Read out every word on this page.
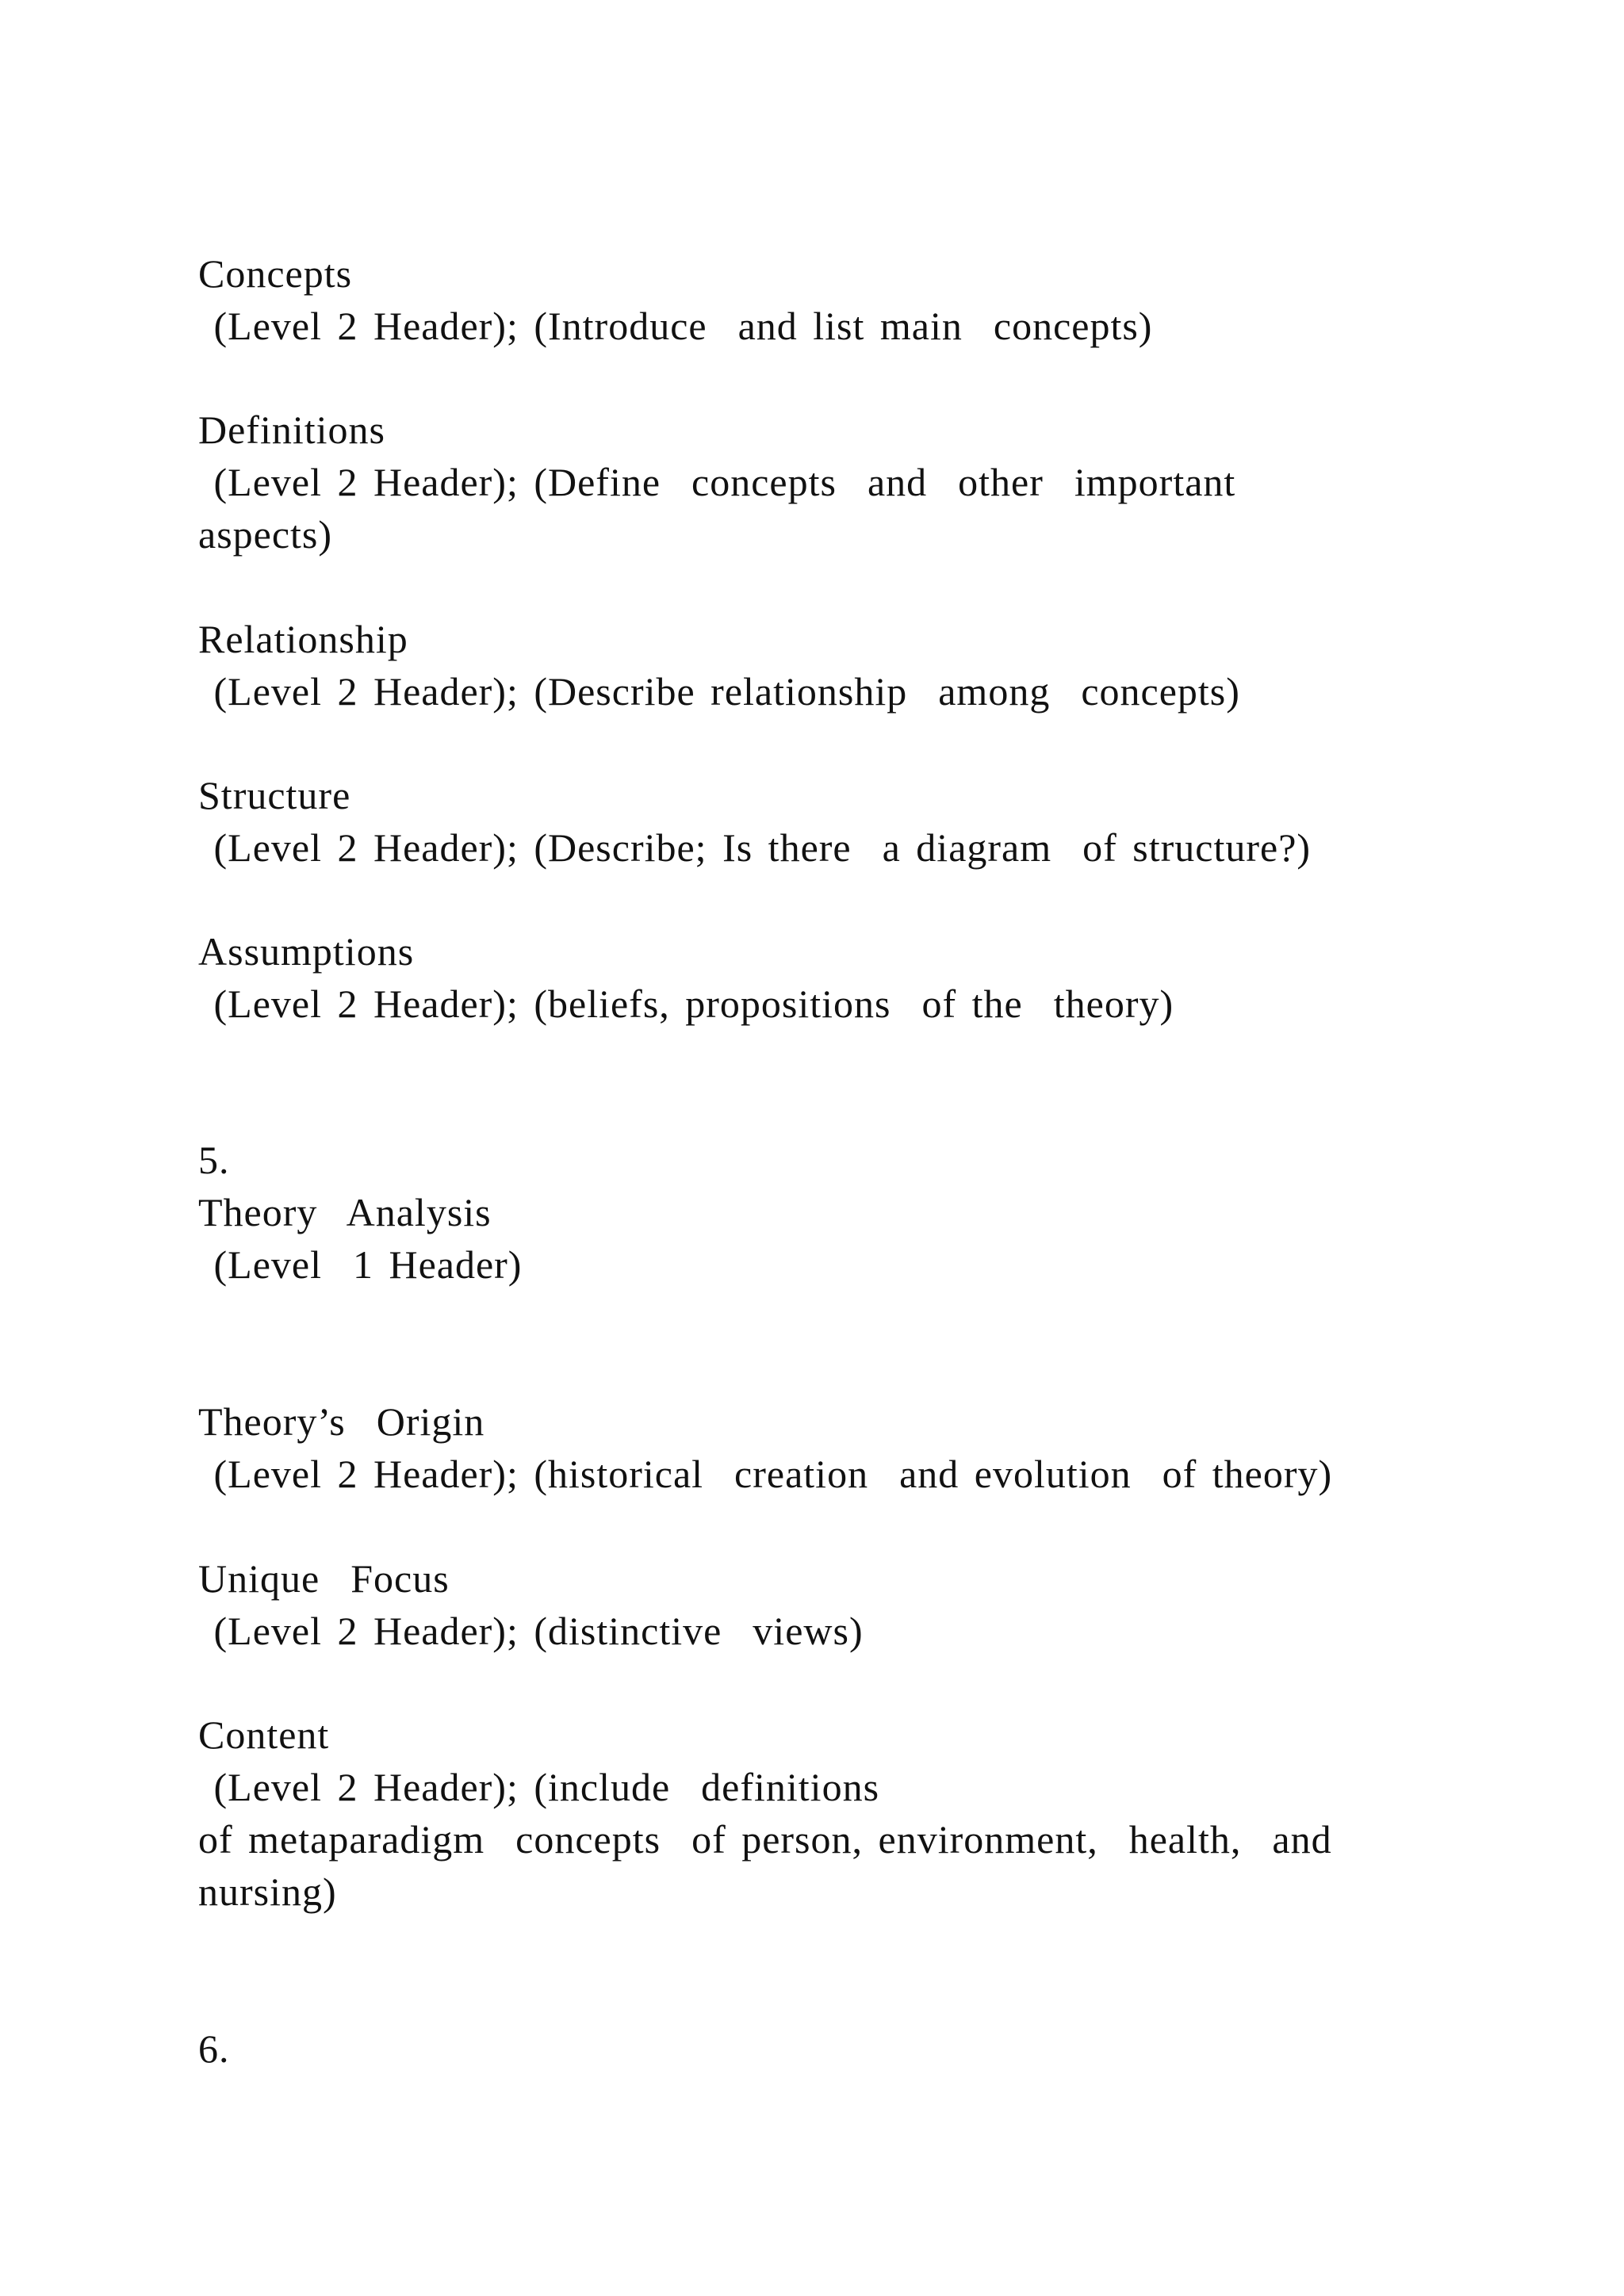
Concepts
(Level 2 Header); (Introduce  and list main  concepts)
Definitions
(Level 2 Header); (Define  concepts  and  other  important
aspects)
Relationship
(Level 2 Header); (Describe relationship  among  concepts)
Structure
(Level 2 Header); (Describe; Is there  a diagram  of structure?)
Assumptions
(Level 2 Header); (beliefs, propositions  of the  theory)
5.
Theory  Analysis
(Level  1 Header)
Theory’s  Origin
(Level 2 Header); (historical  creation  and evolution  of theory)
Unique  Focus
(Level 2 Header); (distinctive  views)
Content
(Level 2 Header); (include  definitions
of metaparadigm  concepts  of person, environment,  health,  and
nursing)
6.
